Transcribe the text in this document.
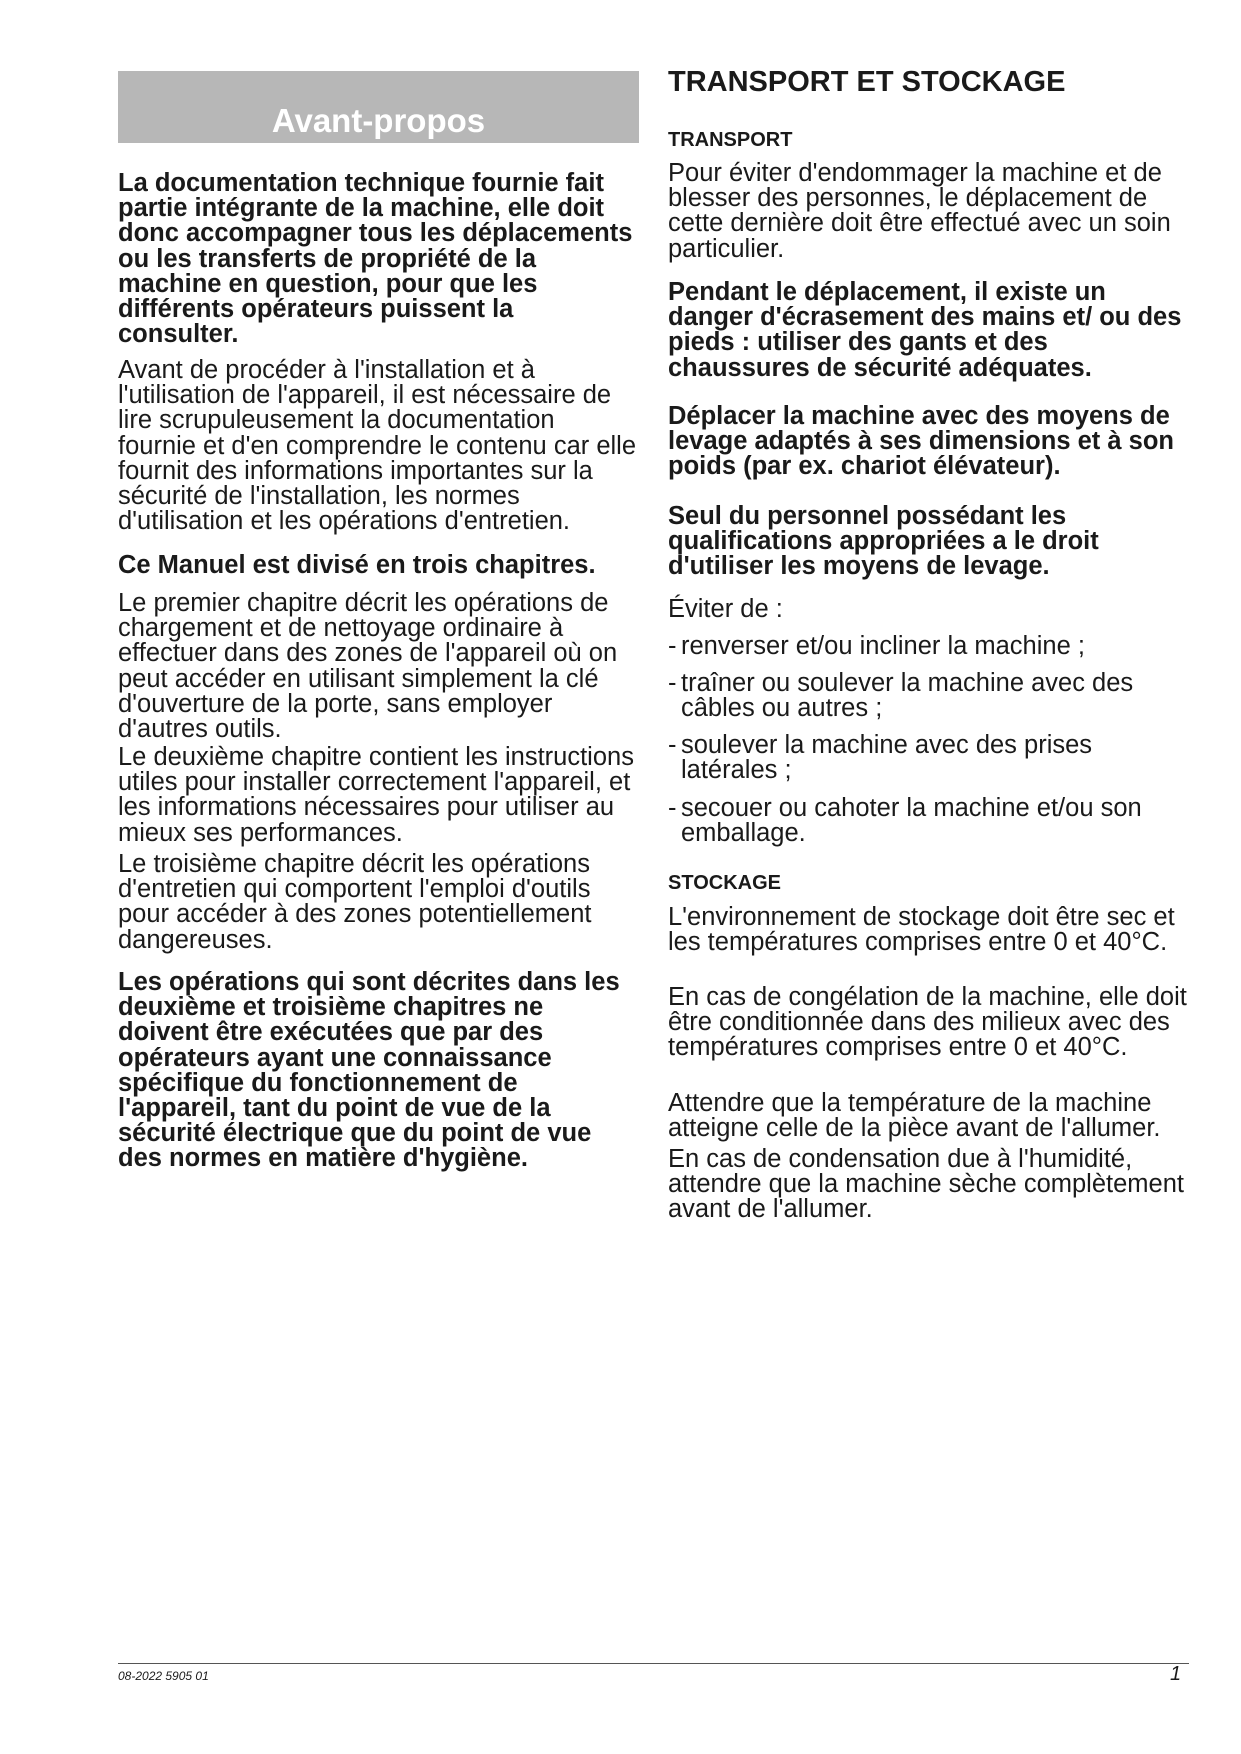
Avant-propos

La documentation technique fournie fait partie intégrante de la machine, elle doit donc accompagner tous les déplacements ou les transferts de propriété de la machine en question, pour que les différents opérateurs puissent la consulter.

Avant de procéder à l'installation et à l'utilisation de l'appareil, il est nécessaire de lire scrupuleusement la documentation fournie et d'en comprendre le contenu car elle fournit des informations importantes sur la sécurité de l'installation, les normes d'utilisation et les opérations d'entretien.

Ce Manuel est divisé en trois chapitres.

Le premier chapitre décrit les opérations de chargement et de nettoyage ordinaire à effectuer dans des zones de l'appareil où on peut accéder en utilisant simplement la clé d'ouverture de la porte, sans employer d'autres outils.

Le deuxième chapitre contient les instructions utiles pour installer correctement l'appareil, et les informations nécessaires pour utiliser au mieux ses performances.

Le troisième chapitre décrit les opérations d'entretien qui comportent l'emploi d'outils pour accéder à des zones potentiellement dangereuses.

Les opérations qui sont décrites dans les    deuxième et troisième chapitres ne doivent être exécutées que par des opérateurs ayant une connaissance spécifique du fonctionnement de l'appareil, tant du point de vue de la sécurité électrique que du point de vue des normes en matière d'hygiène.

TRANSPORT ET STOCKAGE
TRANSPORT

Pour éviter d'endommager la machine et de blesser des personnes, le déplacement de cette dernière doit être effectué avec un soin particulier.

Pendant le déplacement, il existe un danger d'écrasement des mains et/ ou des pieds : utiliser des gants et des chaussures de sécurité adéquates.

Déplacer la machine avec des moyens de levage adaptés à ses dimensions et à son poids (par ex. chariot élévateur).

Seul du personnel possédant les qualifications appropriées a le droit d'utiliser les moyens de levage.

Éviter de :

- renverser et/ou incliner la machine ;

- traîner ou soulever la machine avec des câbles ou autres ;

- soulever la machine avec des prises latérales ;

- secouer ou cahoter la machine et/ou son emballage.

STOCKAGE

L'environnement de stockage doit être sec et les températures comprises entre 0 et 40°C.

En cas de congélation de la machine, elle doit être conditionnée dans des milieux avec des températures comprises entre 0 et 40°C.

Attendre que la température de la machine atteigne celle de la pièce avant de l'allumer.

En cas de condensation due à l'humidité, attendre que la machine sèche complètement avant de l'allumer.

08-2022 5905 01	1
